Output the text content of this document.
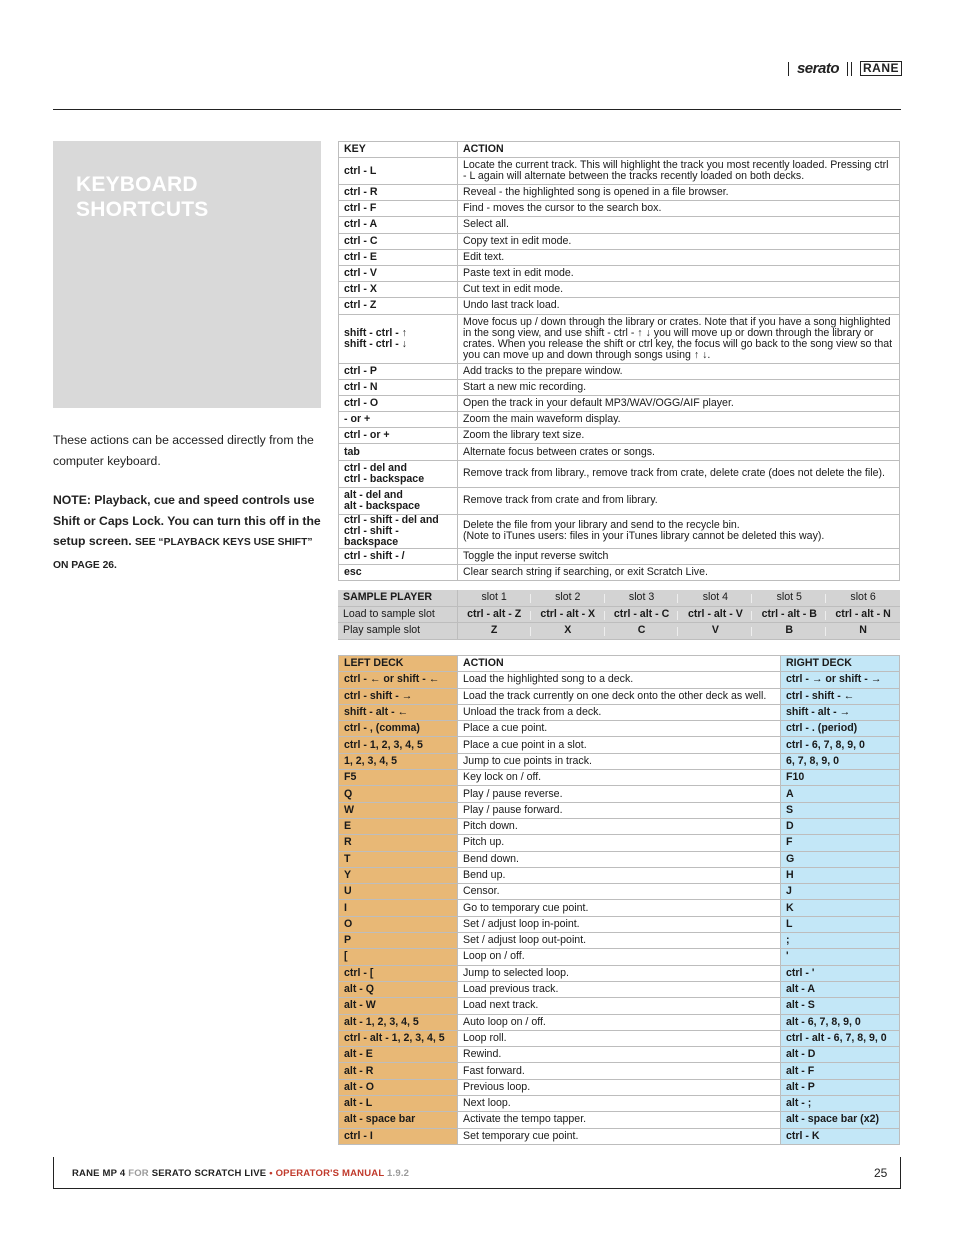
serato RANE
KEYBOARD SHORTCUTS

These actions can be accessed directly from the computer keyboard.

NOTE: Playback, cue and speed controls use Shift or Caps Lock. You can turn this off in the setup screen. SEE “PLAYBACK KEYS USE SHIFT” ON PAGE 26.

KEY	ACTION
ctrl - L	Locate the current track. This will highlight the track you most recently loaded. Pressing ctrl - L again will alternate between the tracks recently loaded on both decks.
ctrl - R	Reveal - the highlighted song is opened in a file browser.
ctrl - F	Find - moves the cursor to the search box.
ctrl - A	Select all.
ctrl - C	Copy text in edit mode.
ctrl - E	Edit text.
ctrl - V	Paste text in edit mode.
ctrl - X	Cut text in edit mode.
ctrl - Z	Undo last track load.
shift - ctrl - ↑
shift - ctrl - ↓	Move focus up / down through the library or crates. Note that if you have a song highlighted in the song view, and use shift - ctrl - ↑ ↓ you will move up or down through the library or crates. When you release the shift or ctrl key, the focus will go back to the song view so that you can move up and down through songs using ↑ ↓.
ctrl - P	Add tracks to the prepare window.
ctrl - N	Start a new mic recording.
ctrl - O	Open the track in your default MP3/WAV/OGG/AIF player.
- or +	Zoom the main waveform display.
ctrl - or +	Zoom the library text size.
tab	Alternate focus between crates or songs.
ctrl - del and
ctrl - backspace	Remove track from library., remove track from crate, delete crate (does not delete the file).
alt - del and
alt - backspace	Remove track from crate and from library.
ctrl - shift - del and
ctrl - shift - backspace	Delete the file from your library and send to the recycle bin.
(Note to iTunes users: files in your iTunes library cannot be deleted this way).
ctrl - shift - /	Toggle the input reverse switch
esc	Clear search string if searching, or exit Scratch Live.
SAMPLE PLAYER	slot 1	slot 2	slot 3	slot 4	slot 5	slot 6
Load to sample slot	ctrl - alt - Z	ctrl - alt - X	ctrl - alt - C	ctrl - alt - V	ctrl - alt - B	ctrl - alt - N
Play sample slot	Z	X	C	V	B	N
LEFT DECK	ACTION	RIGHT DECK
ctrl - ← or shift - ←	Load the highlighted song to a deck.	ctrl - → or shift - →
ctrl - shift - →	Load the track currently on one deck onto the other deck as well.	ctrl - shift - ←
shift - alt - ←	Unload the track from a deck.	shift - alt - →
ctrl - , (comma)	Place a cue point.	ctrl - . (period)
ctrl - 1, 2, 3, 4, 5	Place a cue point in a slot.	ctrl - 6, 7, 8, 9, 0
1, 2, 3, 4, 5	Jump to cue points in track.	6, 7, 8, 9, 0
F5	Key lock on / off.	F10
Q	Play / pause reverse.	A
W	Play / pause forward.	S
E	Pitch down.	D
R	Pitch up.	F
T	Bend down.	G
Y	Bend up.	H
U	Censor.	J
I	Go to temporary cue point.	K
O	Set / adjust loop in-point.	L
P	Set / adjust loop out-point.	;
[	Loop on / off.	'
ctrl - [	Jump to selected loop.	ctrl - '
alt - Q	Load previous track.	alt - A
alt - W	Load next track.	alt - S
alt - 1, 2, 3, 4, 5	Auto loop on / off.	alt - 6, 7, 8, 9, 0
ctrl - alt - 1, 2, 3, 4, 5	Loop roll.	ctrl - alt - 6, 7, 8, 9, 0
alt - E	Rewind.	alt - D
alt - R	Fast forward.	alt - F
alt - O	Previous loop.	alt - P
alt - L	Next loop.	alt - ;
alt - space bar	Activate the tempo tapper.	alt - space bar (x2)
ctrl - I	Set temporary cue point.	ctrl - K
RANE MP 4 FOR SERATO SCRATCH LIVE • OPERATOR'S MANUAL 1.9.2	25
